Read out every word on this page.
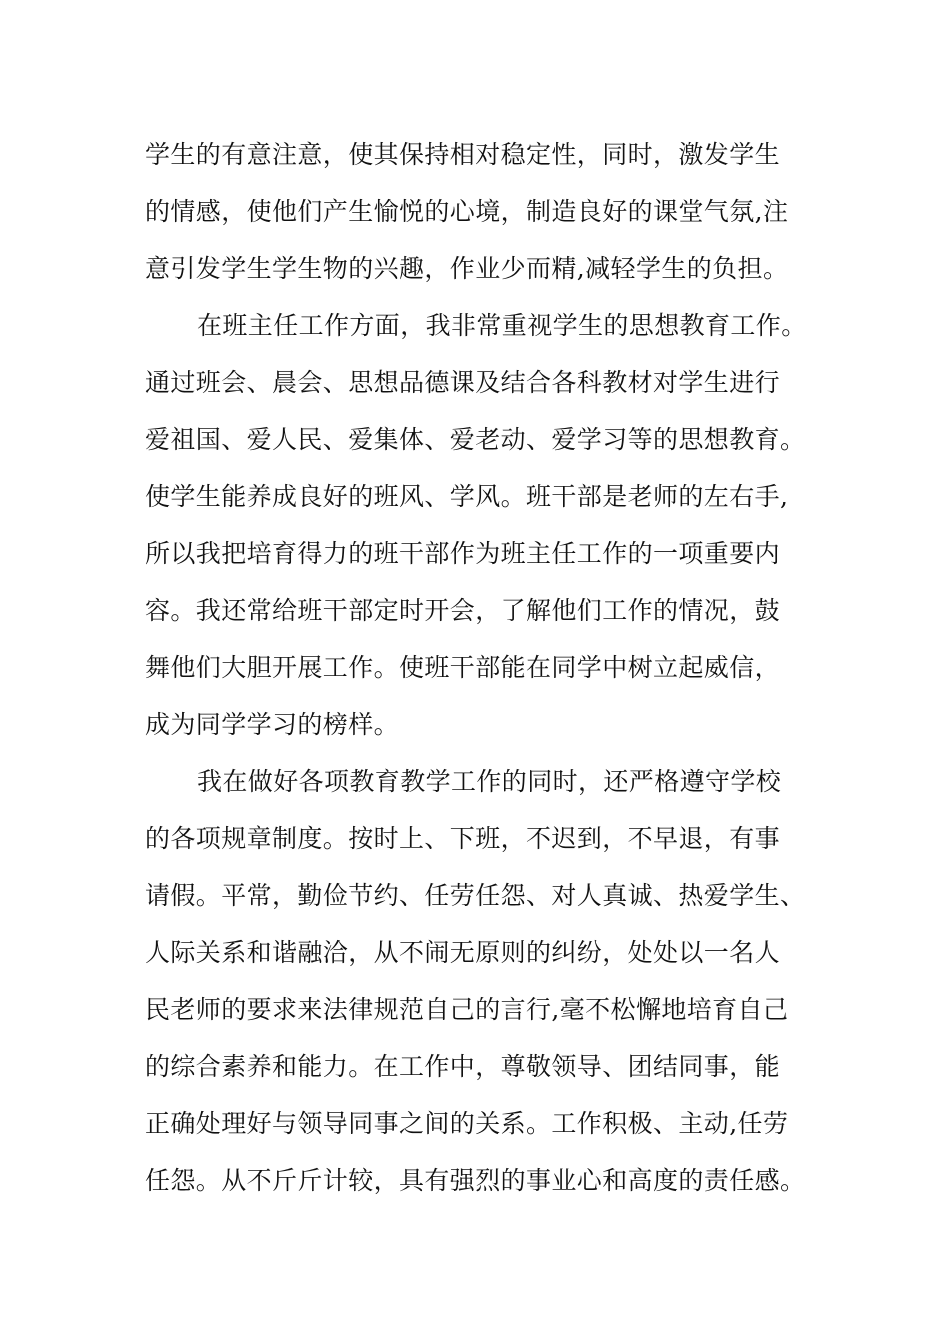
学生的有意注意，使其保持相对稳定性，同时，激发学生
的情感，使他们产生愉悦的心境，制造良好的课堂气氛,注
意引发学生学生物的兴趣，作业少而精,减轻学生的负担。
在班主任工作方面，我非常重视学生的思想教育工作。
通过班会、晨会、思想品德课及结合各科教材对学生进行
爱祖国、爱人民、爱集体、爱老动、爱学习等的思想教育。
使学生能养成良好的班风、学风。班干部是老师的左右手,
所以我把培育得力的班干部作为班主任工作的一项重要内
容。我还常给班干部定时开会，了解他们工作的情况，鼓
舞他们大胆开展工作。使班干部能在同学中树立起威信，
成为同学学习的榜样。
我在做好各项教育教学工作的同时，还严格遵守学校
的各项规章制度。按时上、下班，不迟到，不早退，有事
请假。平常，勤俭节约、任劳任怨、对人真诚、热爱学生、
人际关系和谐融洽，从不闹无原则的纠纷，处处以一名人
民老师的要求来法律规范自己的言行,毫不松懈地培育自己
的综合素养和能力。在工作中，尊敬领导、团结同事，能
正确处理好与领导同事之间的关系。工作积极、主动,任劳
任怨。从不斤斤计较，具有强烈的事业心和高度的责任感。
